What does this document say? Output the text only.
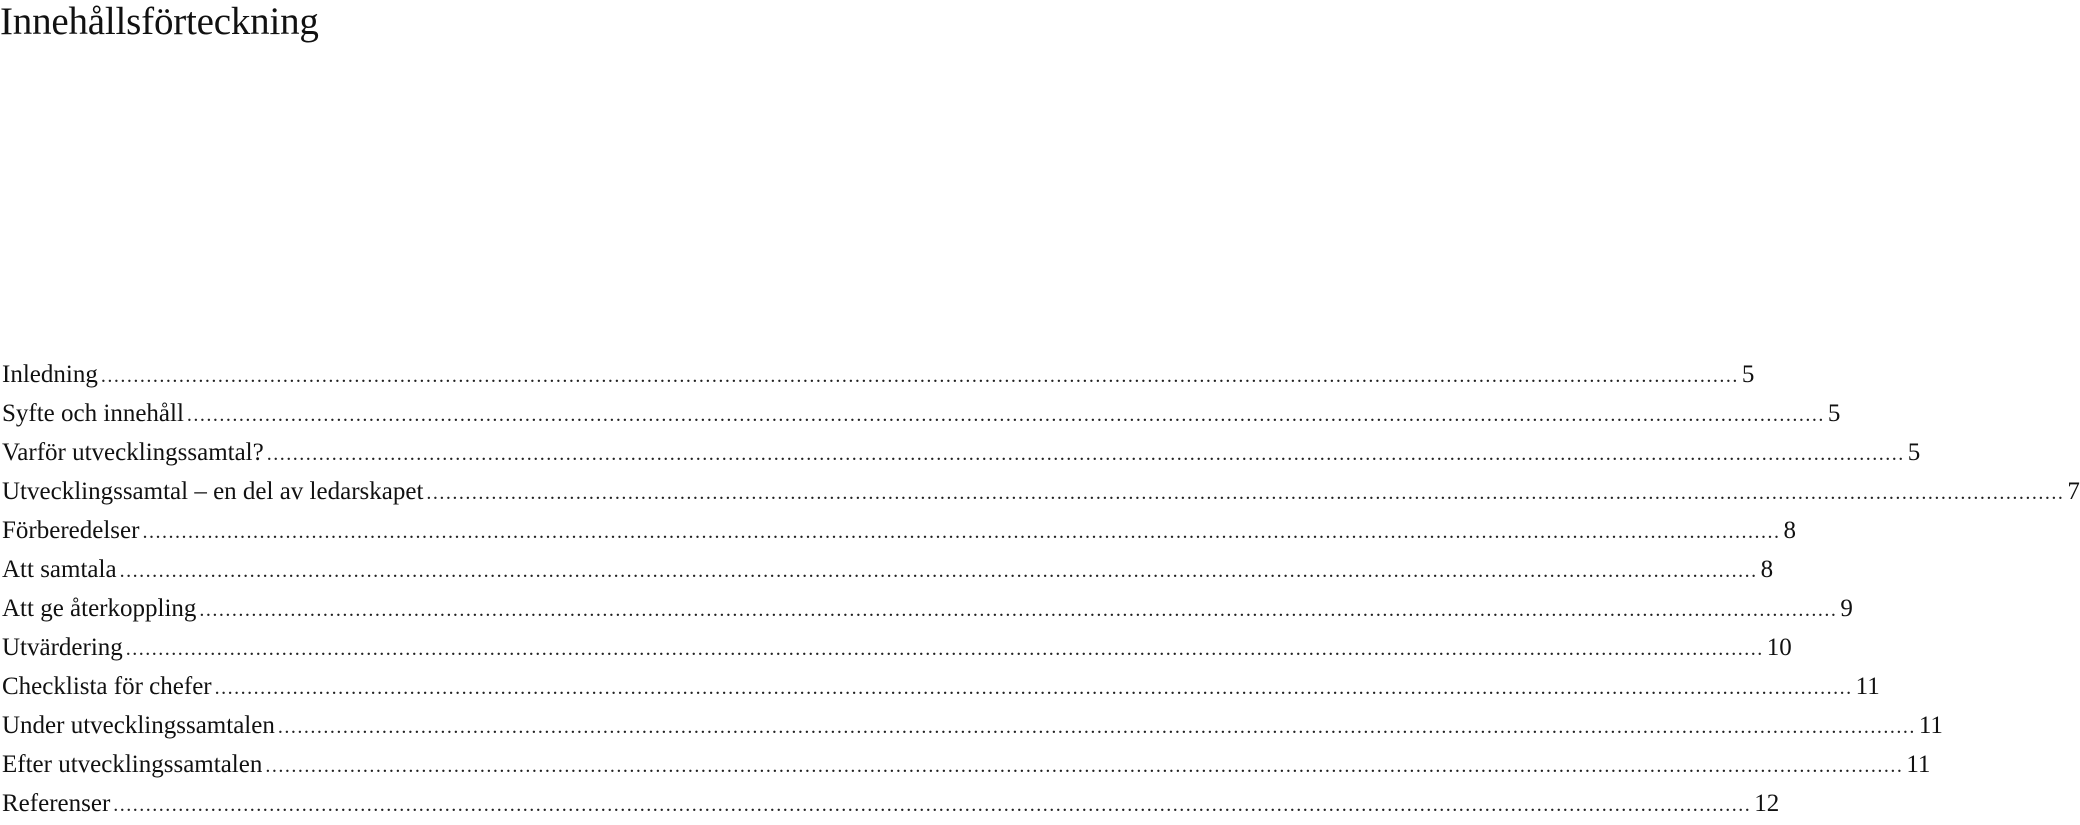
Innehållsförteckning
Inledning ............................................................................................................................................................................................................................................................ 5
Syfte och innehåll ............................................................................................................................................................................................................................................................ 5
Varför utvecklingssamtal? ............................................................................................................................................................................................................................................................ 5
Utvecklingssamtal – en del av ledarskapet ............................................................................................................................................................................................................................................................ 7
Förberedelser ............................................................................................................................................................................................................................................................ 8
Att samtala ............................................................................................................................................................................................................................................................ 8
Att ge återkoppling ............................................................................................................................................................................................................................................................ 9
Utvärdering ............................................................................................................................................................................................................................................................ 10
Checklista för chefer ............................................................................................................................................................................................................................................................ 11
Under utvecklingssamtalen ............................................................................................................................................................................................................................................................ 11
Efter utvecklingssamtalen ............................................................................................................................................................................................................................................................ 11
Referenser ............................................................................................................................................................................................................................................................ 12
